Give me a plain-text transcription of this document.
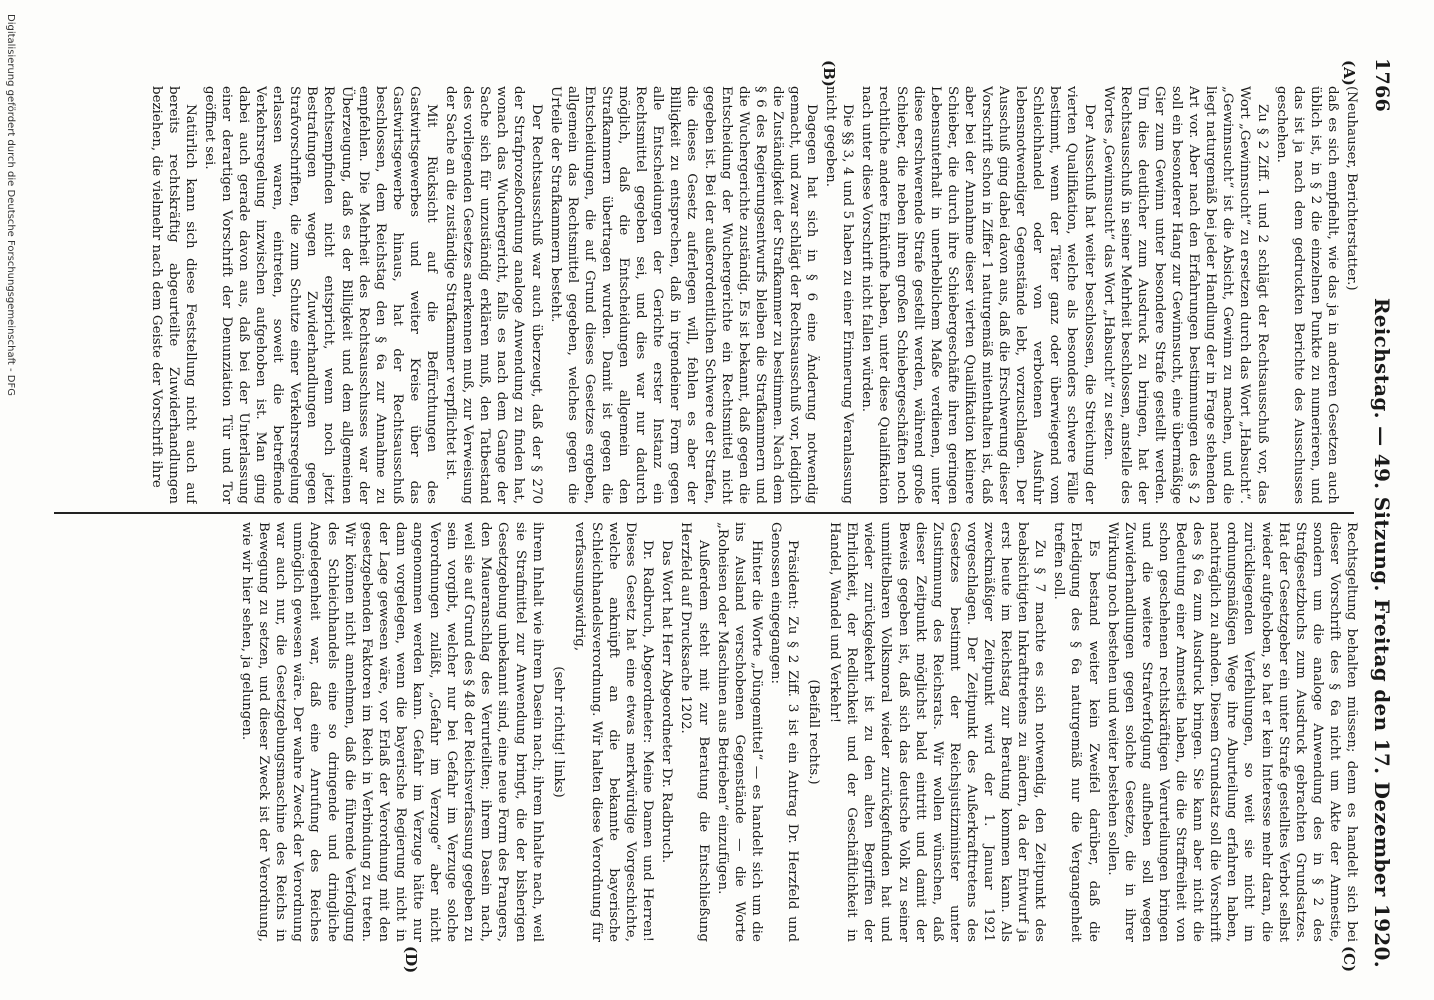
1766
Reichstag. — 49. Sitzung. Freitag den 17. Dezember 1920.
(A)
(B)
(C)
(D)

(Neuhauser, Berichterstatter.)

daß es sich empfiehlt, wie das ja in anderen Gesetzen auch üblich ist, in § 2 die einzelnen Punkte zu numerieren, und das ist ja nach dem gedruckten Berichte des Ausschusses geschehen.

Zu § 2 Ziff. 1 und 2 schlägt der Rechtsausschuß vor, das Wort „Gewinnsucht“ zu ersetzen durch das Wort „Habsucht“. „Gewinnsucht“ ist die Absicht, Gewinn zu machen, und die liegt naturgemäß bei jeder Handlung der in Frage stehenden Art vor. Aber nach den Erfahrungen bestimmungen des § 2 soll ein besonderer Hang zur Gewinnsucht, eine übermäßige Gier zum Gewinn unter besondere Strafe gestellt werden. Um dies deutlicher zum Ausdruck zu bringen, hat der Rechtsausschuß in seiner Mehrheit beschlossen, anstelle des Wortes „Gewinnsucht“ das Wort „Habsucht“ zu setzen.

Der Ausschuß hat weiter beschlossen, die Streichung der vierten Qualifikation, welche als besonders schwere Fälle bestimmt, wenn der Täter ganz oder überwiegend vom Schleichhandel oder von verbotenen Ausfuhr lebensnotwendiger Gegenstände lebt, vorzuschlagen. Der Ausschuß ging dabei davon aus, daß die Erschwerung dieser Vorschrift schon in Ziffer 1 naturgemäß mitenthalten ist, daß aber bei der Annahme dieser vierten Qualifikation kleinere Schieber, die durch ihre Schiebergeschäfte ihren geringen Lebensunterhalt in unerheblichem Maße verdienen, unter diese erschwerende Strafe gestellt werden, während große Schieber, die neben ihren großen Schiebergeschäften noch rechtliche andere Einkünfte haben, unter diese Qualifikation nach unter diese Vorschrift nicht fallen würden.

Die §§ 3, 4 und 5 haben zu einer Erinnerung Veranlassung nicht gegeben.

Dagegen hat sich in § 6 eine Änderung notwendig gemacht, und zwar schlägt der Rechtsausschuß vor, lediglich die Zuständigkeit der Strafkammer zu bestimmen. Nach dem § 6 des Regierungsentwurfs bleiben die Strafkammern und die Wuchergerichte zuständig. Es ist bekannt, daß gegen die Entscheidung der Wuchergerichte ein Rechtsmittel nicht gegeben ist. Bei der außerordentlichen Schwere der Strafen, die dieses Gesetz auferlegen will, fehlen es aber der Billigkeit zu entsprechen, daß in irgendeiner Form gegen alle Entscheidungen der Gerichte erster Instanz ein Rechtsmittel gegeben sei, und dies war nur dadurch möglich, daß die Entscheidungen allgemein den Strafkammern übertragen wurden. Damit ist gegen die Entscheidungen, die auf Grund dieses Gesetzes ergeben, allgemein das Rechtsmittel gegeben, welches gegen die Urteile der Strafkammern besteht.

Der Rechtsausschuß war auch überzeugt, daß der § 270 der Strafprozeßordnung analoge Anwendung zu finden hat, wonach das Wuchergericht, falls es nach dem Gange der Sache sich für unzuständig erklären muß, den Tatbestand des vorliegenden Gesetzes anerkennen muß, zur Verweisung der Sache an die zuständige Strafkammer verpflichtet ist.

Mit Rücksicht auf die Befürchtungen des Gastwirtsgewerbes und weiter Kreise über das Gastwirtsgewerbe hinaus, hat der Rechtsausschuß beschlossen, dem Reichstag den § 6a zur Annahme zu empfehlen. Die Mehrheit des Rechtsausschusses war der Überzeugung, daß es der Billigkeit und dem allgemeinen Rechtsempfinden nicht entspricht, wenn noch jetzt Bestrafungen wegen Zuwiderhandlungen gegen Strafvorschriften, die zum Schutze einer Verkehrsregelung erlassen waren, eintreten, soweit die betreffende Verkehrsregelung inzwischen aufgehoben ist. Man ging dabei auch gerade davon aus, daß bei der Unterlassung einer derartigen Vorschrift der Denunziation Tür und Tor geöffnet sei.

Natürlich kann sich diese Feststellung nicht auch auf bereits rechtskräftig abgeurteilte Zuwiderhandlungen beziehen, die vielmehr nach dem Geiste der Vorschrift ihre

Rechtsgeltung behalten müssen; denn es handelt sich bei dieser Vorschrift des § 6a nicht um Akte der Amnestie, sondern um die analoge Anwendung des in § 2 des Strafgesetzbuchs zum Ausdruck gebrachten Grundsatzes. Hat der Gesetzgeber ein unter Strafe gestelltes Verbot selbst wieder aufgehoben, so hat er kein Interesse mehr daran, die zurückliegenden Verfehlungen, so weit sie nicht im ordnungsmäßigen Wege ihre Aburteilung erfahren haben, nachträglich zu ahnden. Diesem Grundsatz soll die Vorschrift des § 6a zum Ausdruck bringen. Sie kann aber nicht die Bedeutung einer Amnestie haben, die die Straffreiheit von schon geschehenen rechtskräftigen Verurteilungen bringen und die weitere Strafverfolgung aufheben soll wegen Zuwiderhandlungen gegen solche Gesetze, die in ihrer Wirkung noch bestehen und weiter bestehen sollen.

Es bestand weiter kein Zweifel darüber, daß die Erledigung des § 6a naturgemäß nur die Vergangenheit treffen soll.

Zu § 7 machte es sich notwendig, den Zeitpunkt des beabsichtigten Inkrafttretens zu ändern, da der Entwurf ja erst heute im Reichstag zur Beratung kommen kann. Als zweckmäßiger Zeitpunkt wird der 1. Januar 1921 vorgeschlagen. Der Zeitpunkt des Außerkrafttretens des Gesetzes bestimmt der Reichsjustizminister unter Zustimmung des Reichsrats. Wir wollen wünschen, daß dieser Zeitpunkt möglichst bald eintritt und damit der Beweis gegeben ist, daß sich das deutsche Volk zu seiner unmittelbaren Volksmoral wieder zurückgefunden hat und wieder zurückgekehrt ist zu den alten Begriffen der Ehrlichkeit, der Redlichkeit und der Geschäftlichkeit in Handel, Wandel und Verkehr!

(Beifall rechts.)

Präsident: Zu § 2 Ziff. 3 ist ein Antrag Dr. Herzfeld und Genossen eingegangen:

Hinter die Worte „Düngemittel“ — es handelt sich um die ins Ausland verschobenen Gegenstände — die Worte „Roheisen oder Maschinen aus Betrieben“ einzufügen.

Außerdem steht mit zur Beratung die Entschließung Herzfeld auf Drucksache 1202.

Das Wort hat Herr Abgeordneter Dr. Radbruch.

Dr. Radbruch, Abgeordneter: Meine Damen und Herren! Dieses Gesetz hat eine etwas merkwürdige Vorgeschichte, welche anknüpft an die bekannte bayerische Schleichhandelsverordnung. Wir halten diese Verordnung für verfassungswidrig,

(sehr richtig! links)

ihrem Inhalt wie ihrem Dasein nach; ihrem Inhalte nach, weil sie Strafmittel zur Anwendung bringt, die der bisherigen Gesetzgebung unbekannt sind, eine neue Form des Prangers, den Maueranschlag des Verurteilten; ihrem Dasein nach, weil sie auf Grund des § 48 der Reichsverfassung gegeben zu sein vorgibt, welcher nur bei Gefahr im Verzuge solche Verordnungen zuläßt, „Gefahr im Verzuge“ aber nicht angenommen werden kann. Gefahr im Verzuge hätte nur dann vorgelegen, wenn die bayerische Regierung nicht in der Lage gewesen wäre, vor Erlaß der Verordnung mit den gesetzgebenden Faktoren im Reich in Verbindung zu treten. Wir können nicht annehmen, daß die führende Verfolgung des Schleichhandels eine so dringende und dringliche Angelegenheit war, daß eine Anrufung des Reiches unmöglich gewesen wäre. Der wahre Zweck der Verordnung war auch nur, die Gesetzgebungsmaschine des Reichs in Bewegung zu setzen, und dieser Zweck ist der Verordnung, wie wir hier sehen, ja gelungen.

Digitalisierung gefördert durch die Deutsche Forschungsgemeinschaft - DFG
